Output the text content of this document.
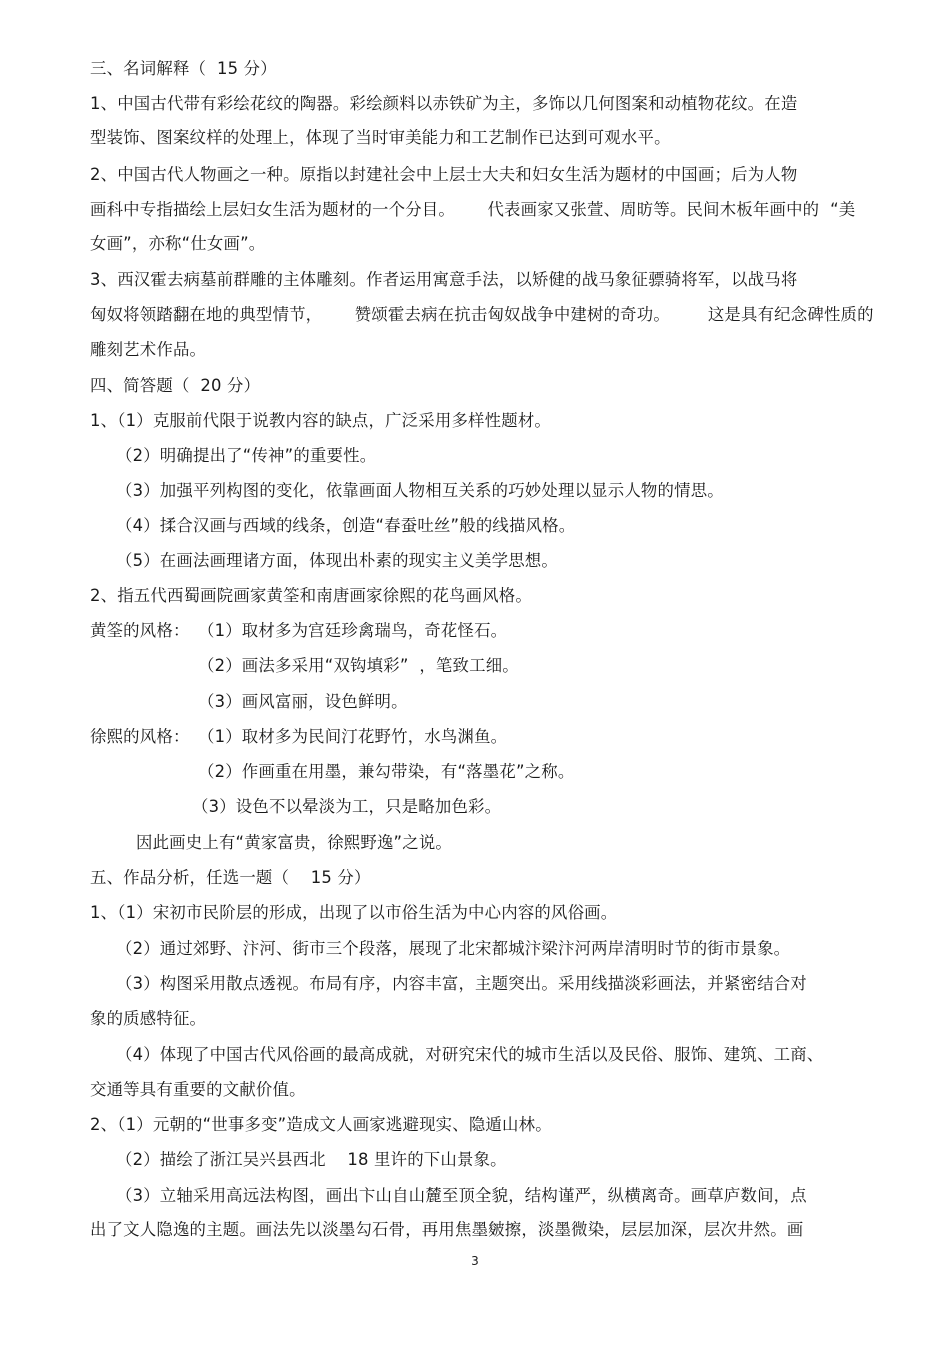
三、名词解释（  15 分）
1、中国古代带有彩绘花纹的陶器。彩绘颜料以赤铁矿为主，多饰以几何图案和动植物花纹。在造
型装饰、图案纹样的处理上，体现了当时审美能力和工艺制作已达到可观水平。
2、中国古代人物画之一种。原指以封建社会中上层士大夫和妇女生活为题材的中国画；后为人物
画科中专指描绘上层妇女生活为题材的一个分目。      代表画家又张萱、周昉等。民间木板年画中的  “美
女画”，亦称“仕女画”。
3、西汉霍去病墓前群雕的主体雕刻。作者运用寓意手法，以矫健的战马象征骠骑将军，以战马将
匈奴将领踏翻在地的典型情节，      赞颂霍去病在抗击匈奴战争中建树的奇功。       这是具有纪念碑性质的
雕刻艺术作品。
四、简答题（  20 分）
1、（1）克服前代限于说教内容的缺点，广泛采用多样性题材。
（2）明确提出了“传神”的重要性。
（3）加强平列构图的变化，依靠画面人物相互关系的巧妙处理以显示人物的情思。
（4）揉合汉画与西域的线条，创造“春蚕吐丝”般的线描风格。
（5）在画法画理诸方面，体现出朴素的现实主义美学思想。
2、指五代西蜀画院画家黄筌和南唐画家徐熙的花鸟画风格。
黄筌的风格： （1）取材多为宫廷珍禽瑞鸟，奇花怪石。
（2）画法多采用“双钩填彩”  ，笔致工细。
（3）画风富丽，设色鲜明。
徐熙的风格： （1）取材多为民间汀花野竹，水鸟渊鱼。
（2）作画重在用墨，兼勾带染，有“落墨花”之称。
（3）设色不以晕淡为工，只是略加色彩。
因此画史上有“黄家富贵，徐熙野逸”之说。
五、作品分析，任选一题（    15 分）
1、（1）宋初市民阶层的形成，出现了以市俗生活为中心内容的风俗画。
（2）通过郊野、汴河、街市三个段落，展现了北宋都城汴梁汴河两岸清明时节的街市景象。
（3）构图采用散点透视。布局有序，内容丰富，主题突出。采用线描淡彩画法，并紧密结合对
象的质感特征。
（4）体现了中国古代风俗画的最高成就，对研究宋代的城市生活以及民俗、服饰、建筑、工商、
交通等具有重要的文献价值。
2、（1）元朝的“世事多变”造成文人画家逃避现实、隐遁山林。
（2）描绘了浙江吴兴县西北    18 里许的下山景象。
（3）立轴采用高远法构图，画出卞山自山麓至顶全貌，结构谨严，纵横离奇。画草庐数间，点
出了文人隐逸的主题。画法先以淡墨勾石骨，再用焦墨皴擦，淡墨微染，层层加深，层次井然。画
3
